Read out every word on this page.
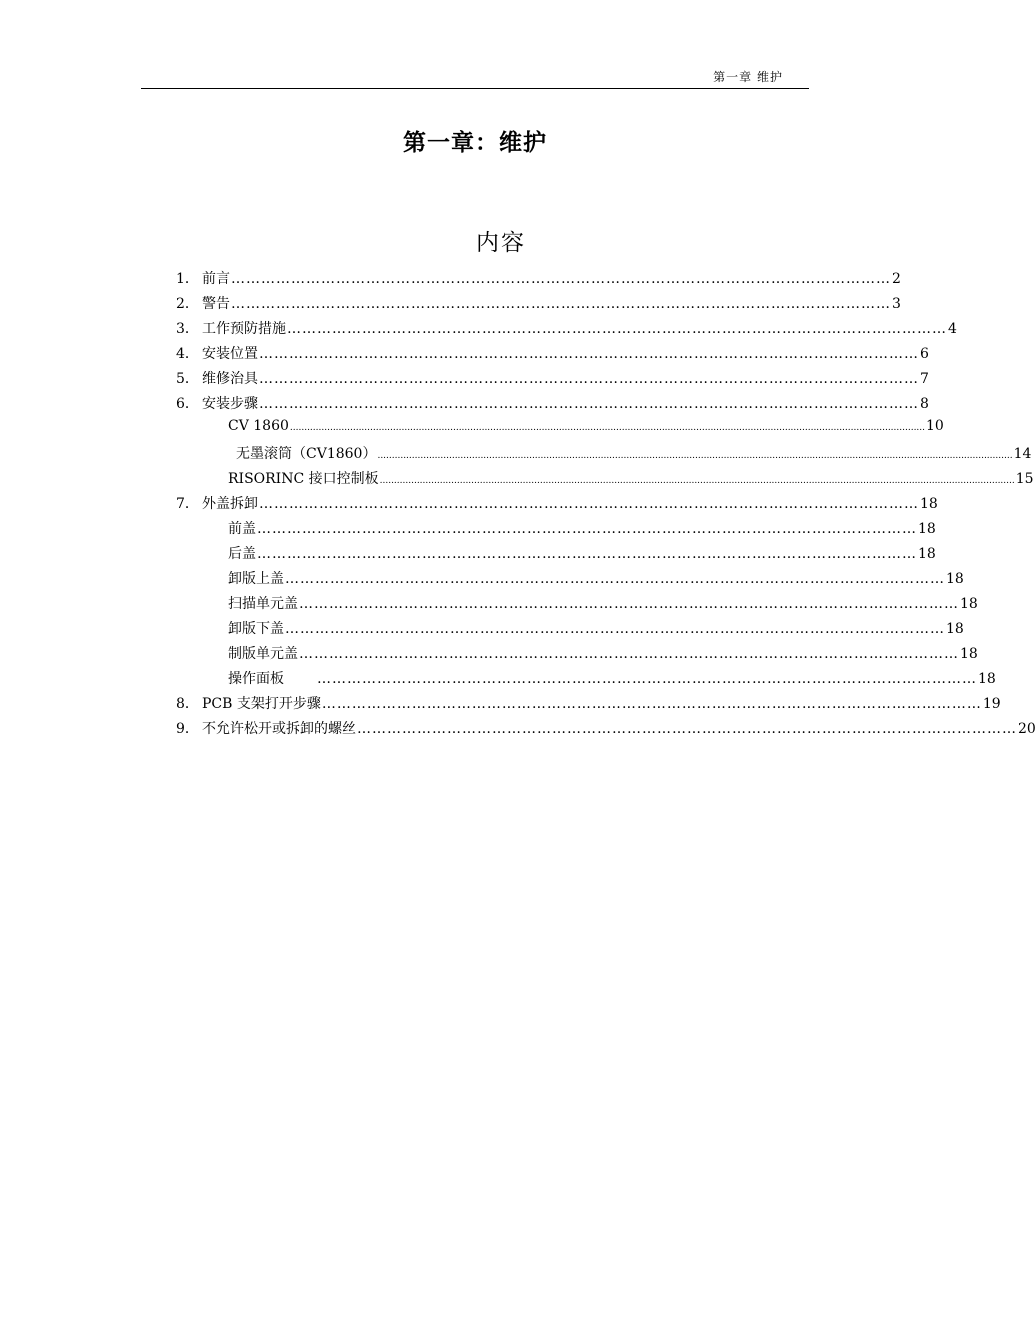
第一章 维护
第一章：维护
内容
1． 前言 …………………………………………………………………………………………………………………… 2
2． 警告 …………………………………………………………………………………………………………………… 3
3． 工作预防措施 …………………………………………………………………………………………………………………… 4
4． 安装位置 …………………………………………………………………………………………………………………… 6
5． 维修治具 …………………………………………………………………………………………………………………… 7
6． 安装步骤 …………………………………………………………………………………………………………………… 8
CV 1860 .............................................................................................................................................................................................................................. 10
无墨滚筒（CV1860） .............................................................................................................................................................................................................................. 14
RISORINC 接口控制板 .............................................................................................................................................................................................................................. 15
7． 外盖拆卸 …………………………………………………………………………………………………………………… 18
前盖 …………………………………………………………………………………………………………………… 18
后盖 …………………………………………………………………………………………………………………… 18
卸版上盖 …………………………………………………………………………………………………………………… 18
扫描单元盖 …………………………………………………………………………………………………………………… 18
卸版下盖 …………………………………………………………………………………………………………………… 18
制版单元盖 …………………………………………………………………………………………………………………… 18
操作面板 …………………………………………………………………………………………………………………… 18
8． PCB 支架打开步骤 …………………………………………………………………………………………………………………… 19
9． 不允许松开或拆卸的螺丝 …………………………………………………………………………………………………………………… 20
